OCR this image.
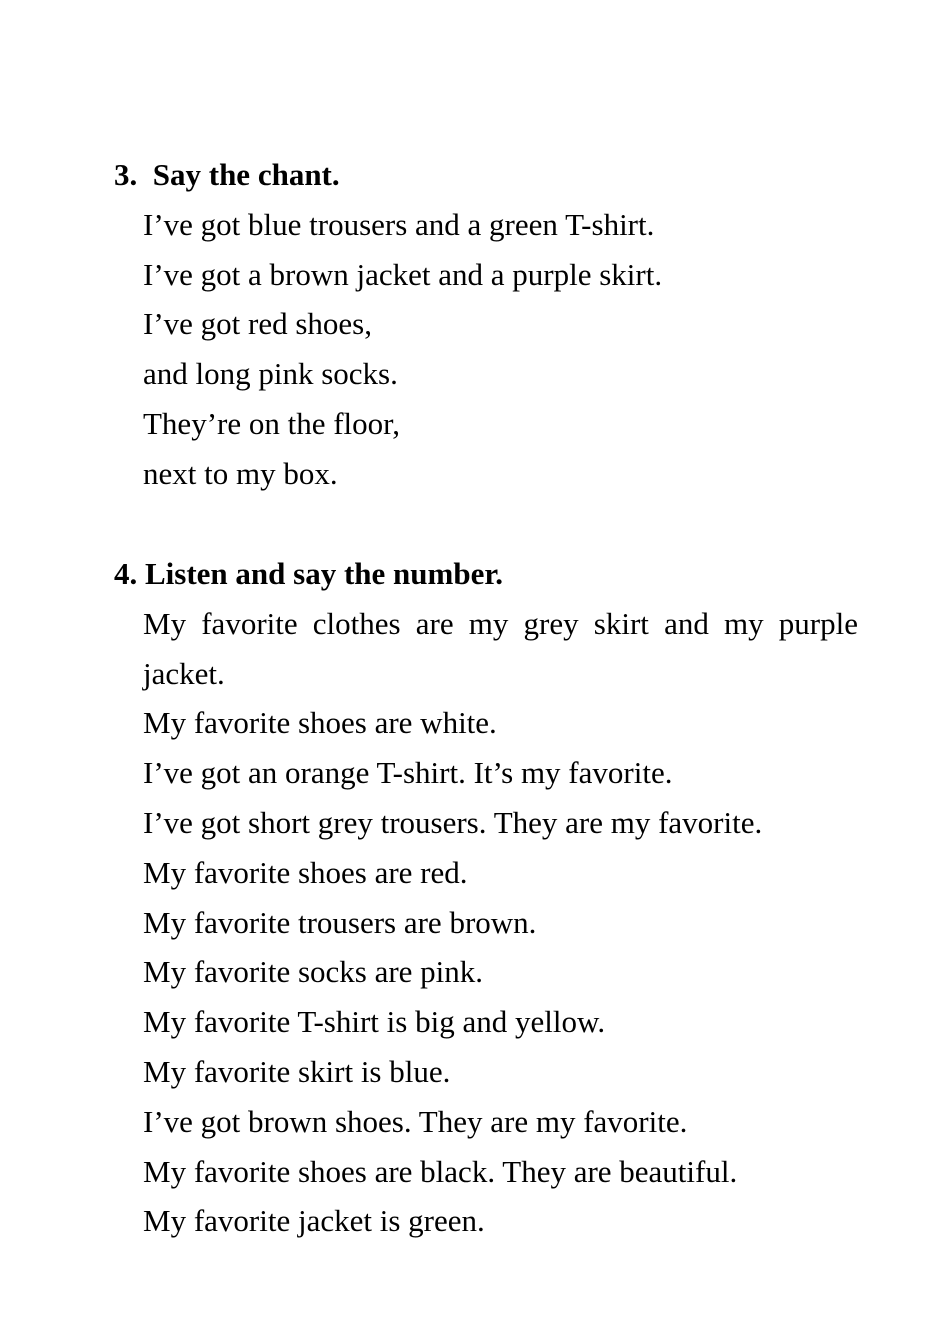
3.  Say the chant.
I’ve got blue trousers and a green T-shirt.
I’ve got a brown jacket and a purple skirt.
I’ve got red shoes,
and long pink socks.
They’re on the floor,
next to my box.
4. Listen and say the number.
My favorite clothes are my grey skirt and my purple jacket.
My favorite shoes are white.
I’ve got an orange T-shirt. It’s my favorite.
I’ve got short grey trousers. They are my favorite.
My favorite shoes are red.
My favorite trousers are brown.
My favorite socks are pink.
My favorite T-shirt is big and yellow.
My favorite skirt is blue.
I’ve got brown shoes. They are my favorite.
My favorite shoes are black. They are beautiful.
My favorite jacket is green.
